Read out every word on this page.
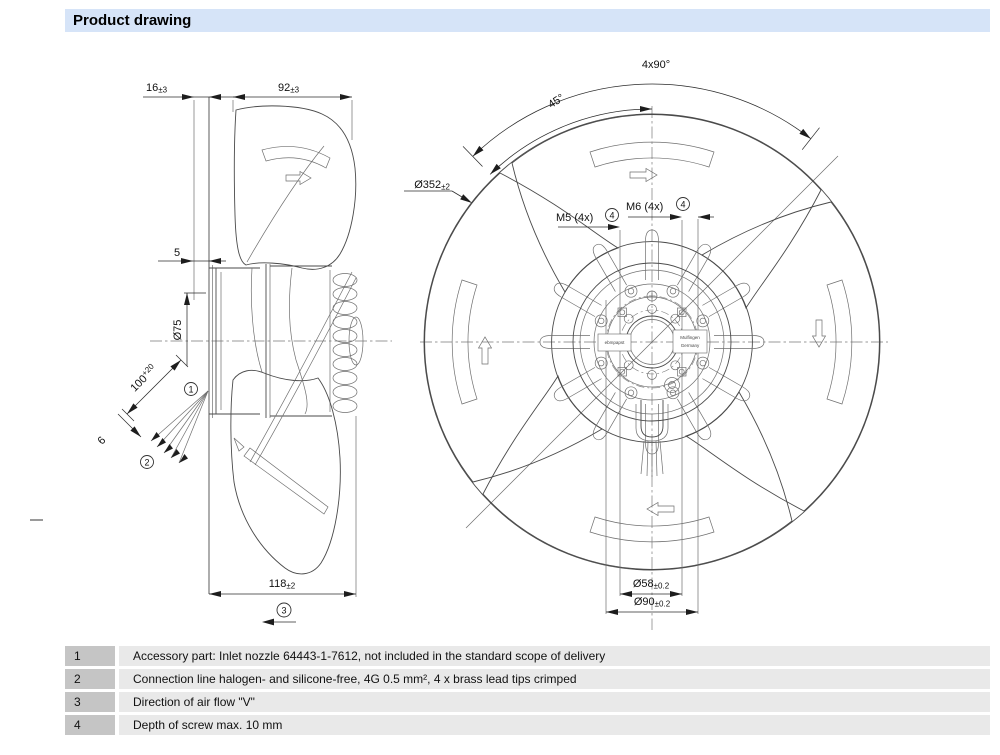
Product drawing
16±3	92±3
5
Ø75
$100^{+20}$
6
1
2
118±2
3
ebmpapst
Mulfingen
Germany
4x90°
45°
Ø352±2
M5 (4x) 4
M6 (4x) 4
Ø58±0.2
Ø90±0.2
1	Accessory part: Inlet nozzle 64443-1-7612, not included in the standard scope of delivery
2	Connection line halogen- and silicone-free, 4G 0.5 mm², 4 x brass lead tips crimped
3	Direction of air flow "V"
4	Depth of screw max. 10 mm
